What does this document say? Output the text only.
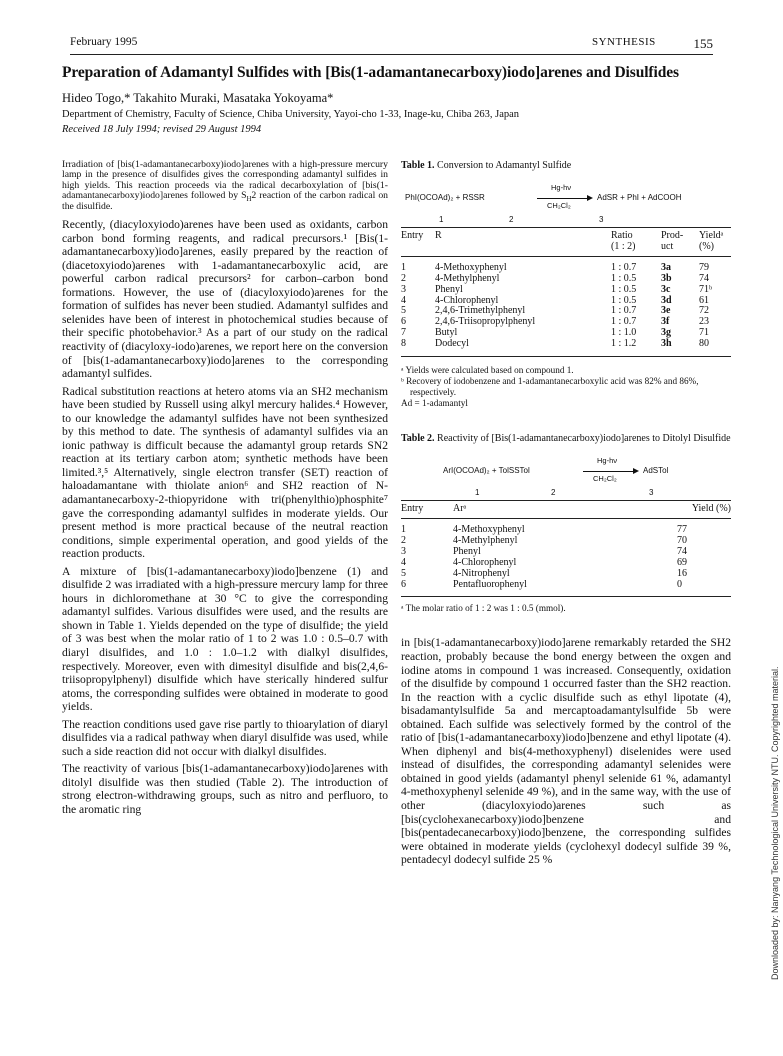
February 1995	SYNTHESIS	155
Preparation of Adamantyl Sulfides with [Bis(1-adamantanecarboxy)iodo]arenes and Disulfides
Hideo Togo,* Takahito Muraki, Masataka Yokoyama*
Department of Chemistry, Faculty of Science, Chiba University, Yayoi-cho 1-33, Inage-ku, Chiba 263, Japan
Received 18 July 1994; revised 29 August 1994

Irradiation of [bis(1-adamantanecarboxy)iodo]arenes with a high-pressure mercury lamp in the presence of disulfides gives the corresponding adamantyl sulfides in high yields. This reaction proceeds via the radical decarboxylation of [bis(1-adamantanecarboxy)iodo]arenes followed by $S_H2$ reaction of the carbon radical on the disulfide.

Recently, (diacyloxyiodo)arenes have been used as oxidants, carbon carbon bond forming reagents, and radical precursors.¹ [Bis(1-adamantanecarboxy)iodo]arenes, easily prepared by the reaction of (diacetoxyiodo)arenes with 1-adamantanecarboxylic acid, are powerful carbon radical precursors² for carbon–carbon bond formations. However, the use of (diacyloxyiodo)arenes for the formation of sulfides has never been studied. Adamantyl sulfides and selenides have been of interest in photochemical studies because of their specific photobehavior.³ As a part of our study on the radical reactivity of (diacyloxy-iodo)arenes, we report here on the conversion of [bis(1-adamantanecarboxy)iodo]arenes to the corresponding adamantyl sulfides.

Radical substitution reactions at hetero atoms via an SH2 mechanism have been studied by Russell using alkyl mercury halides.⁴ However, to our knowledge the adamantyl sulfides have not been synthesized by this method to date. The synthesis of adamantyl sulfides via an ionic pathway is difficult because the adamantyl group retards SN2 reaction at its tertiary carbon atom; synthetic methods have been limited.³,⁵ Alternatively, single electron transfer (SET) reaction of haloadamantane with thiolate anion⁶ and SH2 reaction of N-adamantanecarboxy-2-thiopyridone with tri(phenylthio)phosphite⁷ gave the corresponding adamantyl sulfides in moderate yields. Our present method is more practical because of the neutral reaction conditions, simple experimental operation, and good yields of the reaction products.

A mixture of [bis(1-adamantanecarboxy)iodo]benzene (1) and disulfide 2 was irradiated with a high-pressure mercury lamp for three hours in dichloromethane at 30 °C to give the corresponding adamantyl sulfides. Various disulfides were used, and the results are shown in Table 1. Yields depended on the type of disulfide; the yield of 3 was best when the molar ratio of 1 to 2 was 1.0 : 0.5–0.7 with diaryl disulfides, and 1.0 : 1.0–1.2 with dialkyl disulfides, respectively. Moreover, even with dimesityl disulfide and bis(2,4,6-triisopropylphenyl) disulfide which have sterically hindered sulfur atoms, the corresponding sulfides were obtained in moderate to good yields.

The reaction conditions used gave rise partly to thioarylation of diaryl disulfides via a radical pathway when diaryl disulfide was used, while such a side reaction did not occur with dialkyl disulfides.

The reactivity of various [bis(1-adamantanecarboxy)iodo]arenes with ditolyl disulfide was then studied (Table 2). The introduction of strong electron-withdrawing groups, such as nitro and perfluoro, to the aromatic ring

Table 1. Conversion to Adamantyl Sulfide

PhI(OCOAd)₂ + RSSR
Hg-hν
CH₂Cl₂
AdSR + PhI + AdCOOH
1	2	3
Entry	R	Ratio
(1 : 2)	Prod-
uct	Yieldᵃ
(%)

1	4-Methoxyphenyl	1 : 0.7	3a	79
2	4-Methylphenyl	1 : 0.5	3b	74
3	Phenyl	1 : 0.5	3c	71ᵇ
4	4-Chlorophenyl	1 : 0.5	3d	61
5	2,4,6-Trimethylphenyl	1 : 0.7	3e	72
6	2,4,6-Triisopropylphenyl	1 : 0.7	3f	23
7	Butyl	1 : 1.0	3g	71
8	Dodecyl	1 : 1.2	3h	80

ᵃ Yields were calculated based on compound 1.

ᵇ Recovery of iodobenzene and 1-adamantanecarboxylic acid was 82% and 86%, respectively.

Ad = 1-adamantyl

Table 2. Reactivity of [Bis(1-adamantanecarboxy)iodo]arenes to Ditolyl Disulfide

ArI(OCOAd)₂ + TolSSTol
Hg-hν
CH₂Cl₂
AdSTol
1	2	3
Entry	Arᵃ	Yield (%)

1	4-Methoxyphenyl	77
2	4-Methylphenyl	70
3	Phenyl	74
4	4-Chlorophenyl	69
5	4-Nitrophenyl	16
6	Pentafluorophenyl	0

ᵃ The molar ratio of 1 : 2 was 1 : 0.5 (mmol).

in [bis(1-adamantanecarboxy)iodo]arene remarkably retarded the SH2 reaction, probably because the bond energy between the oxgen and iodine atoms in compound 1 was increased. Consequently, oxidation of the disulfide by compound 1 occurred faster than the SH2 reaction. In the reaction with a cyclic disulfide such as ethyl lipotate (4), bisadamantylsulfide 5a and mercaptoadamantylsulfide 5b were obtained. Each sulfide was selectively formed by the control of the ratio of [bis(1-adamantanecarboxy)iodo]benzene and ethyl lipotate (4). When diphenyl and bis(4-methoxyphenyl) diselenides were used instead of disulfides, the corresponding adamantyl selenides were obtained in good yields (adamantyl phenyl selenide 61 %, adamantyl 4-methoxyphenyl selenide 49 %), and in the same way, with the use of other (diacyloxyiodo)arenes such as [bis(cyclohexanecarboxy)iodo]benzene and [bis(pentadecanecarboxy)iodo]benzene, the corresponding sulfides were obtained in moderate yields (cyclohexyl dodecyl sulfide 39 %, pentadecyl dodecyl sulfide 25 %	Downloaded by: Nanyang Technological University NTU. Copyrighted material.
